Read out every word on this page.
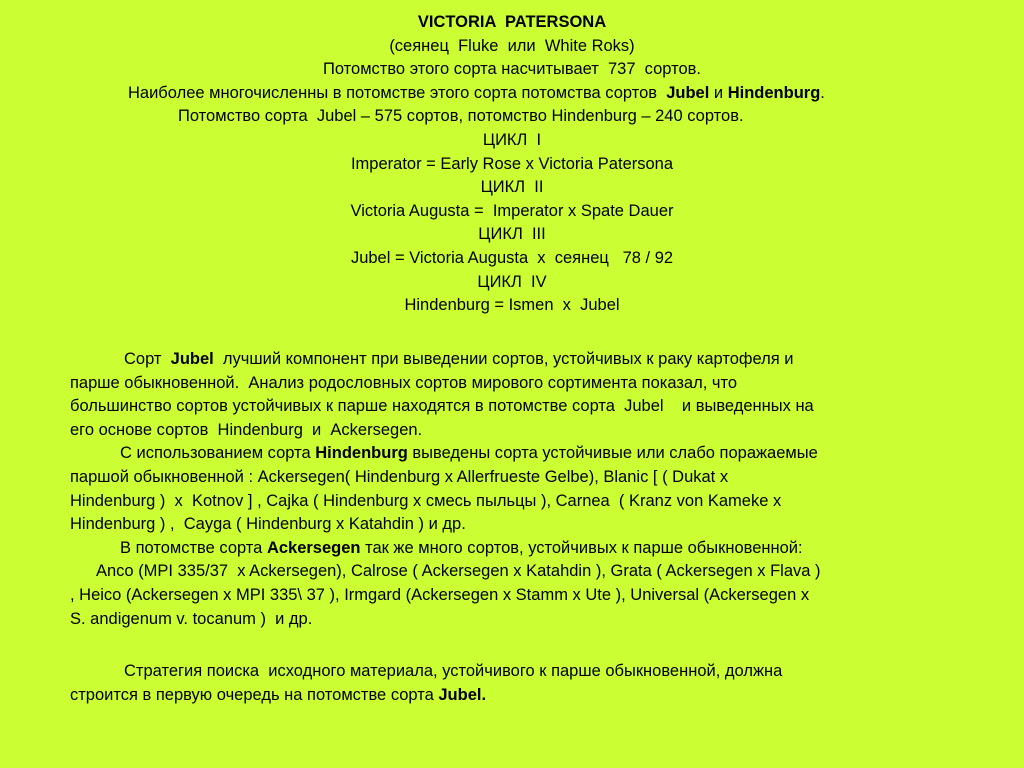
VICTORIA  PATERSONA
(сеянец  Fluke  или  White Roks)
Потомство этого сорта насчитывает  737  сортов.
Наиболее многочисленны в потомстве этого сорта потомства сортов  Jubel и Hindenburg.
Потомство сорта  Jubel – 575 сортов, потомство Hindenburg – 240 сортов.
ЦИКЛ  I
Imperator = Early Rose x Victoria Patersona
ЦИКЛ  II
Victoria Augusta =  Imperator x Spate Dauer
ЦИКЛ  III
Jubel = Victoria Augusta  x  сеянец   78 / 92
ЦИКЛ  IV
Hindenburg = Ismen  x  Jubel
Сорт  Jubel  лучший компонент при выведении сортов, устойчивых к раку картофеля и
парше обыкновенной.  Анализ родословных сортов мирового сортимента показал, что
большинство сортов устойчивых к парше находятся в потомстве сорта  Jubel    и выведенных на
его основе сортов  Hindenburg  и  Ackersegen.
С использованием сорта Hindenburg выведены сорта устойчивые или слабо поражаемые
паршой обыкновенной : Ackersegen( Hindenburg x Allerfrueste Gelbe), Blanic [ ( Dukat x
Hindenburg )  x  Kotnov ] , Cajka ( Hindenburg x смесь пыльцы ), Carnea  ( Kranz von Kameke x
Hindenburg ) ,  Cayga ( Hindenburg x Katahdin ) и др.
В потомстве сорта Ackersegen так же много сортов, устойчивых к парше обыкновенной:
Anco (MPI 335/37  x Ackersegen), Calrose ( Ackersegen x Katahdin ), Grata ( Ackersegen x Flava )
, Heico (Ackersegen x MPI 335\ 37 ), Irmgard (Ackersegen x Stamm x Ute ), Universal (Ackersegen x
S. andigenum v. tocanum )  и др.
Стратегия поиска  исходного материала, устойчивого к парше обыкновенной, должна
строится в первую очередь на потомстве сорта Jubel.
